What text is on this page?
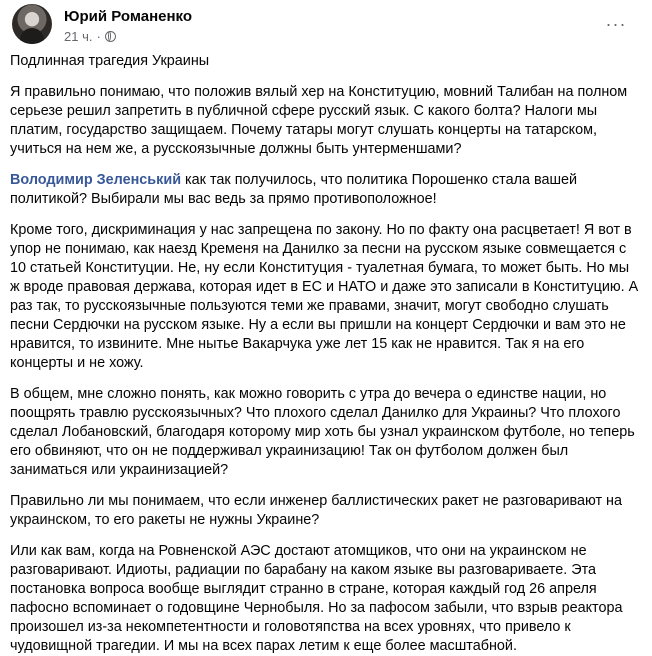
Юрий Романенко
21 ч. ·
···

Подлинная трагедия Украины

Я правильно понимаю, что положив вялый хер на Конституцию, мовний Талибан на полном серьезе решил запретить в публичной сфере русский язык. С какого болта? Налоги мы платим, государство защищаем. Почему татары могут слушать концерты на татарском, учиться на нем же, а русскоязычные должны быть унтерменшами?

Володимир Зеленський как так получилось, что политика Порошенко стала вашей политикой? Выбирали мы вас ведь за прямо противоположное!

Кроме того, дискриминация у нас запрещена по закону. Но по факту она расцветает! Я вот в упор не понимаю, как наезд Кременя на Данилко за песни на русском языке совмещается с 10 статьей Конституции. Не, ну если Конституция - туалетная бумага, то может быть. Но мы ж вроде правовая держава, которая идет в ЕС и НАТО и даже это записали в Конституцию. А раз так, то русскоязычные пользуются теми же правами, значит, могут свободно слушать песни Сердючки на русском языке. Ну а если вы пришли на концерт Сердючки и вам это не нравится, то извините. Мне нытье Вакарчука уже лет 15 как не нравится. Так я на его концерты и не хожу.

В общем, мне сложно понять, как можно говорить с утра до вечера о единстве нации, но поощрять травлю русскоязычных? Что плохого сделал Данилко для Украины? Что плохого сделал Лобановский, благодаря которому мир хоть бы узнал украинском футболе, но теперь его обвиняют, что он не поддерживал украинизацию! Так он футболом должен был заниматься или украинизацией?

Правильно ли мы понимаем, что если инженер баллистических ракет не разговаривают на украинском, то его ракеты не нужны Украине?

Или как вам, когда на Ровненской АЭС достают атомщиков, что они на украинском не разговаривают. Идиоты, радиации по барабану на каком языке вы разговариваете. Эта постановка вопроса вообще выглядит странно в стране, которая каждый год 26 апреля пафосно вспоминает о годовщине Чернобыля. Но за пафосом забыли, что взрыв реактора произошел из-за некомпетентности и головотяпства на всех уровнях, что привело к чудовищной трагедии. И мы на всех парах летим к еще более масштабной.
